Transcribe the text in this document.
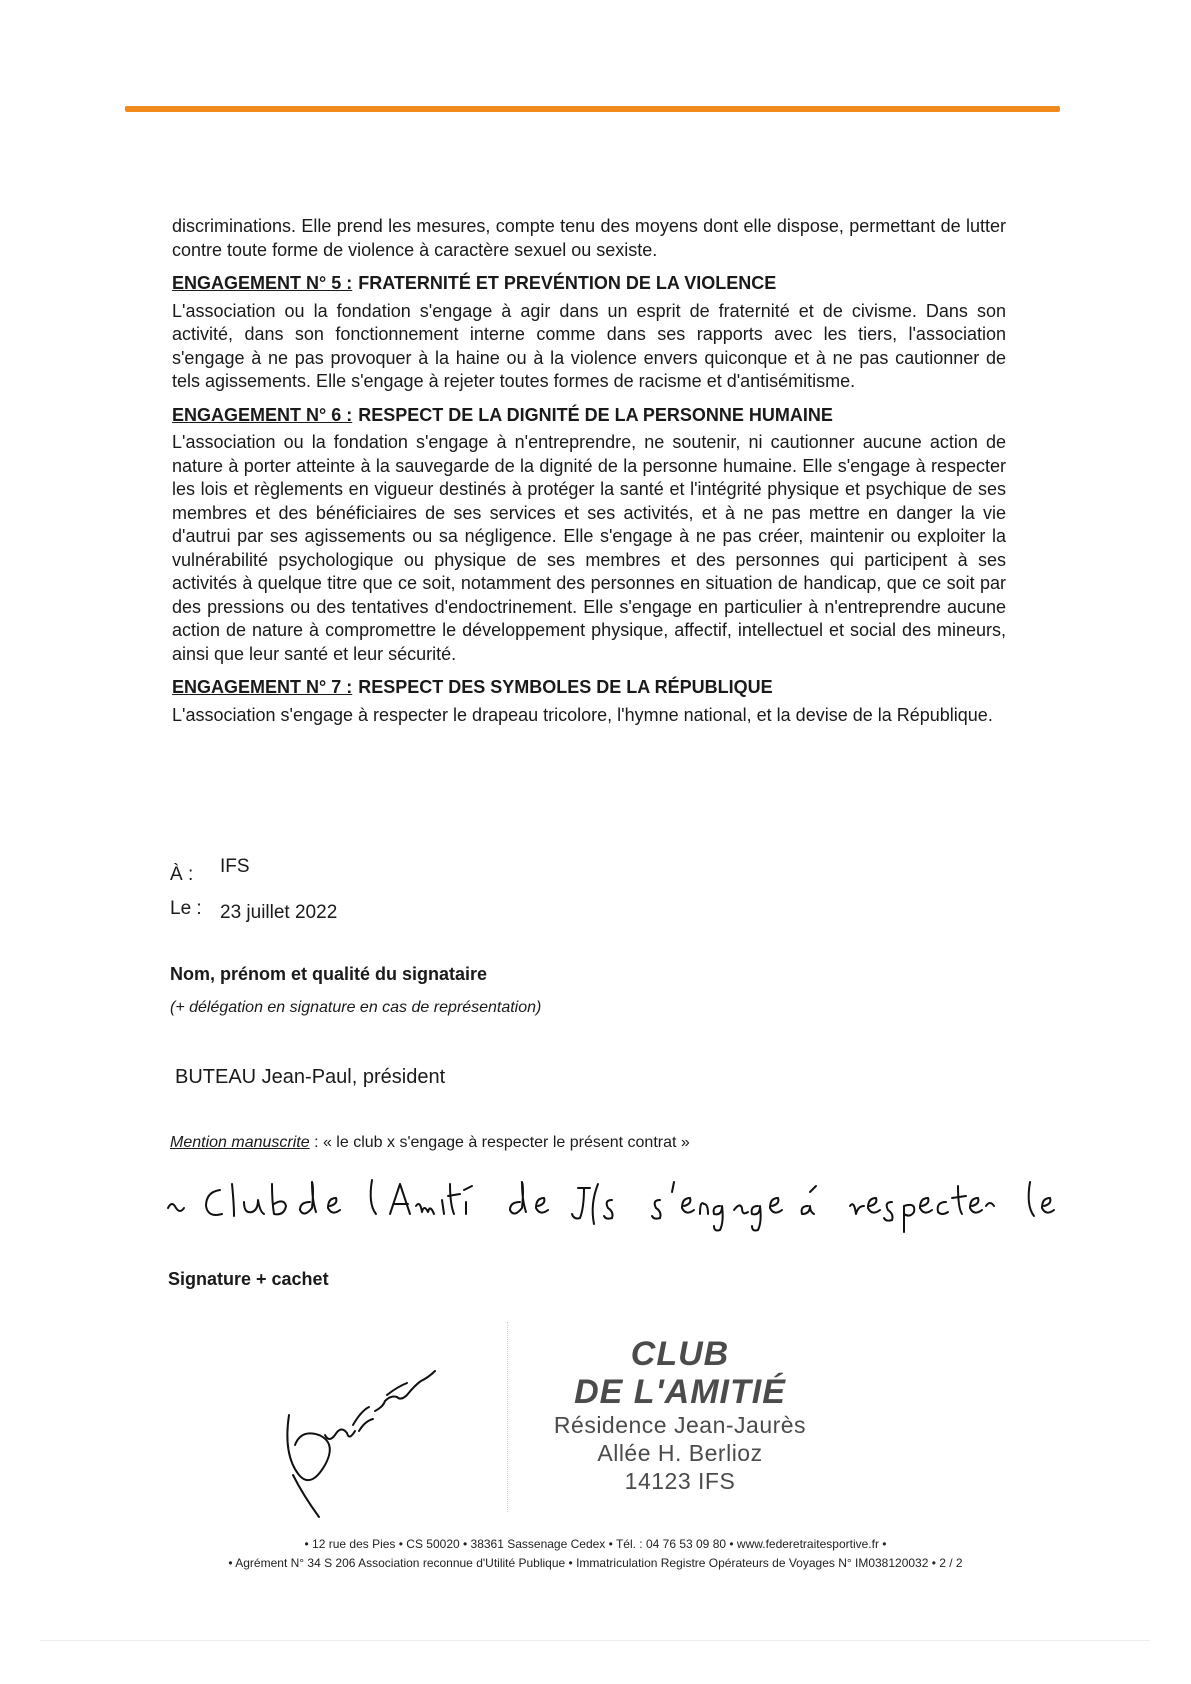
discriminations. Elle prend les mesures, compte tenu des moyens dont elle dispose, permettant de lutter contre toute forme de violence à caractère sexuel ou sexiste.

ENGAGEMENT N° 5 : FRATERNITÉ ET PREVÉNTION DE LA VIOLENCE

L'association ou la fondation s'engage à agir dans un esprit de fraternité et de civisme. Dans son activité, dans son fonctionnement interne comme dans ses rapports avec les tiers, l'association s'engage à ne pas provoquer à la haine ou à la violence envers quiconque et à ne pas cautionner de tels agissements. Elle s'engage à rejeter toutes formes de racisme et d'antisémitisme.

ENGAGEMENT N° 6 : RESPECT DE LA DIGNITÉ DE LA PERSONNE HUMAINE

L'association ou la fondation s'engage à n'entreprendre, ne soutenir, ni cautionner aucune action de nature à porter atteinte à la sauvegarde de la dignité de la personne humaine. Elle s'engage à respecter les lois et règlements en vigueur destinés à protéger la santé et l'intégrité physique et psychique de ses membres et des bénéficiaires de ses services et ses activités, et à ne pas mettre en danger la vie d'autrui par ses agissements ou sa négligence. Elle s'engage à ne pas créer, maintenir ou exploiter la vulnérabilité psychologique ou physique de ses membres et des personnes qui participent à ses activités à quelque titre que ce soit, notamment des personnes en situation de handicap, que ce soit par des pressions ou des tentatives d'endoctrinement. Elle s'engage en particulier à n'entreprendre aucune action de nature à compromettre le développement physique, affectif, intellectuel et social des mineurs, ainsi que leur santé et leur sécurité.

ENGAGEMENT N° 7 : RESPECT DES SYMBOLES DE LA RÉPUBLIQUE

L'association s'engage à respecter le drapeau tricolore, l'hymne national, et la devise de la République.

À : IFS
Le : 23 juillet 2022
Nom, prénom et qualité du signataire
(+ délégation en signature en cas de représentation)
BUTEAU Jean-Paul, président
Mention manuscrite : « le club x s'engage à respecter le présent contrat »
Signature + cachet
CLUB
DE L'AMITIÉ
Résidence Jean-Jaurès
Allée H. Berlioz
14123 IFS
• 12 rue des Pies • CS 50020 • 38361 Sassenage Cedex • Tél. : 04 76 53 09 80 • www.federetraitesportive.fr •
• Agrément N° 34 S 206 Association reconnue d'Utilité Publique • Immatriculation Registre Opérateurs de Voyages N° IM038120032 • 2 / 2
